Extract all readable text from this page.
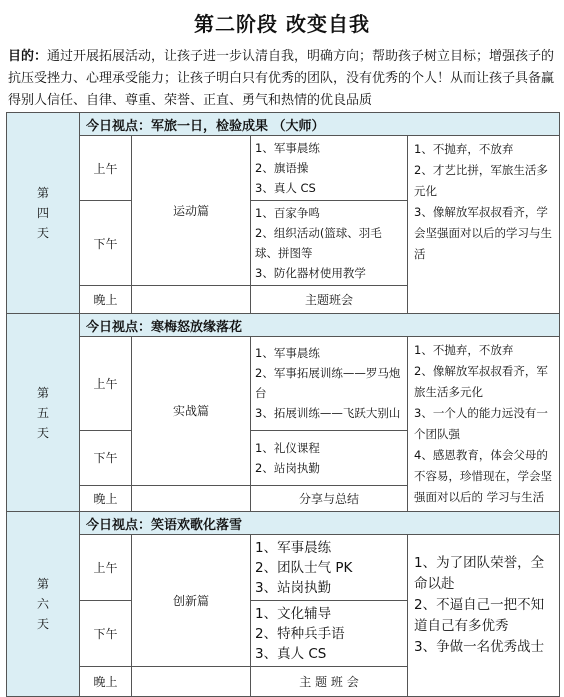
第二阶段 改变自我
目的：通过开展拓展活动，让孩子进一步认清自我，明确方向；帮助孩子树立目标；增强孩子的抗压受挫力、心理承受能力；让孩子明白只有优秀的团队，没有优秀的个人！从而让孩子具备赢得别人信任、自律、尊重、荣誉、正直、勇气和热情的优良品质
第
四
天	今日视点：军旅一日，检验成果 （大师）			
	上午	运动篇	1、军事晨练
2、旗语操
3、真人 CS	1、不抛弃，不放弃
2、才艺比拼，军旅生活多元化
3、像解放军叔叔看齐，学会坚强面对以后的学习与生活

	下午		1、百家争鸣
2、组织活动(篮球、羽毛球、拼图等
3、防化器材使用教学	

	晚上		主题班会	

第
五
天	今日视点：寒梅怒放缘落花			
	上午	实战篇	1、军事晨练
2、军事拓展训练——罗马炮台
3、拓展训练——飞跃大别山	1、不抛弃，不放弃
2、像解放军叔叔看齐，军旅生活多元化
3、一个人的能力远没有一个团队强
4、感恩教育，体会父母的不容易，珍惜现在，学会坚强面对以后的 学习与生活

	下午		1、礼仪课程
2、站岗执勤	

	晚上		分享与总结	

第
六
天	今日视点：笑语欢歌化落雪			
	上午	创新篇	1、军事晨练
2、团队士气 PK
3、站岗执勤	1、为了团队荣誉，全命以赴
2、不逼自己一把不知道自己有多优秀
3、争做一名优秀战士

	下午		1、文化辅导
2、特种兵手语
3、真人 CS	

	晚上		主 题 班 会	
